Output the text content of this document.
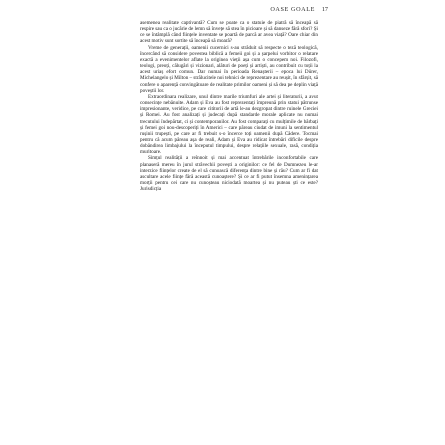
OASE GOALE 17

asemenea realitate captivantă? Cum se poate ca o statuie de piatră să înceapă să respire sau ca o jucărie de lemn să învețe să stea în picioare și să danseze fără sfori? Și ce se întâmplă când ființele inventate se poartă de parcă ar avea viață? Oare chiar din acest motiv sunt sortite să înceapă să moară?

Vreme de generații, oamenii cucernici s-au străduit să respecte o teză teologică, încercând să considere povestea biblică a femeii goi și a șarpelui vorbitor o relatare exactă a evenimentelor aflate la originea vieții așa cum o concepem noi. Filozofi, teologi, preoți, călugări și vizionari, alături de poeți și artiști, au contribuit cu toții la acest uriaș efort comun. Dar numai în perioada Renașterii – epoca lui Dürer, Michelangelo și Milton – strălucitele noi tehnici de reprezentare au reușit, în sfârșit, să confere o aparență convingătoare de realitate primilor oameni și să dea pe deplin viață poveștii lor.

Extraordinara realizare, unul dintre marile triumfuri ale artei și literaturii, a avut consecințe nebănuite. Adam și Eva au fost reprezentați împreună prin statui pătrunse impresionante, veridice, pe care cititorii de artă le-au dezgropat dintre ruinele Greciei și Romei. Au fost analizați și judecați după standarde morale aplicate nu numai trecutului îndepărtat, ci și contemporanilor. Au fost comparați cu mulțimile de bărbați și femei goi nou-descoperiți în Americi – care păreau ciudat de imuni la sentimentul rușinii trupești, pe care ar fi trebuit s-o încerce toți oamenii după Cădere. Tocmai pentru că acum păreau așa de reali, Adam și Eva au ridicat întrebări dificile despre dobândirea limbajului la începutul timpului, despre relațiile sexuale, rasă, condiția muritoare.

Simțul realității a reînnoit și mai accentuat întrebările inconfortabile care planaseră mereu în jurul străvechii povești a originilor: ce fel de Dumnezeu le-ar interzice ființelor create de el să cunoască diferența dintre bine și rău? Cum ar fi dat ascultare acele ființe fără această cunoaștere? Și ce ar fi putut însemna amenințarea morții pentru cei care nu cunoșteau niciodată moartea și nu puteau ști ce este? Jurisdicția
